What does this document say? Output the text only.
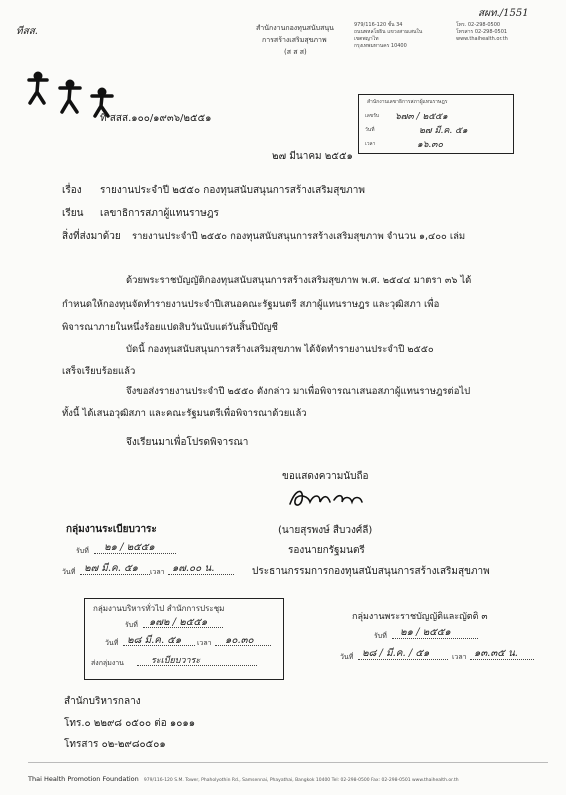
สผท./1551
ทีสส.	สำนักงานกองทุนสนับสนุน
การสร้างเสริมสุขภาพ
(ส ส ส)
979/116-120 ชั้น 34
ถนนพหลโยธิน แขวงสามเสนใน
เขตพญาไท
กรุงเทพมหานคร 10400
โทร. 02-298-0500
โทรสาร 02-298-0501
www.thaihealth.or.th
ที่ สสส.๑๐๐/๑๙๓๖/๒๕๕๑
๒๗ มีนาคม ๒๕๕๑
สำนักงานเลขาธิการสภาผู้แทนราษฎร
เลขรับ ๖๗๓ / ๒๕๕๑
วันที่	๒๗ มี.ค. ๕๑
เวลา	๑๖.๓๐
เรื่อง รายงานประจำปี ๒๕๕๐ กองทุนสนับสนุนการสร้างเสริมสุขภาพ
เรียน เลขาธิการสภาผู้แทนราษฎร
สิ่งที่ส่งมาด้วย รายงานประจำปี ๒๕๕๐ กองทุนสนับสนุนการสร้างเสริมสุขภาพ จำนวน ๑,๔๐๐ เล่ม
ด้วยพระราชบัญญัติกองทุนสนับสนุนการสร้างเสริมสุขภาพ พ.ศ. ๒๕๔๔ มาตรา ๓๖ ได้
กำหนดให้กองทุนจัดทำรายงานประจำปีเสนอคณะรัฐมนตรี สภาผู้แทนราษฎร และวุฒิสภา เพื่อ
พิจารณาภายในหนึ่งร้อยแปดสิบวันนับแต่วันสิ้นปีบัญชี
บัดนี้ กองทุนสนับสนุนการสร้างเสริมสุขภาพ ได้จัดทำรายงานประจำปี ๒๕๕๐
เสร็จเรียบร้อยแล้ว
จึงขอส่งรายงานประจำปี ๒๕๕๐ ดังกล่าว มาเพื่อพิจารณาเสนอสภาผู้แทนราษฎรต่อไป
ทั้งนี้ ได้เสนอวุฒิสภา และคณะรัฐมนตรีเพื่อพิจารณาด้วยแล้ว
จึงเรียนมาเพื่อโปรดพิจารณา
ขอแสดงความนับถือ
Ama cun
(นายสุรพงษ์ สืบวงศ์ลี)
รองนายกรัฐมนตรี
ประธานกรรมการกองทุนสนับสนุนการสร้างเสริมสุขภาพ
กลุ่มงานระเบียบวาระ
รับที่ ๒๑ / ๒๕๕๑
วันที่ ๒๗ มี.ค. ๕๑ เวลา ๑๗.๐๐ น.
กลุ่มงานบริหารทั่วไป สำนักการประชุม
รับที่ ๑๗๒ / ๒๕๕๑
วันที่ ๒๘ มี.ค. ๕๑ เวลา ๑๐.๓๐
ส่งกลุ่มงาน	ระเบียบวาระ
กลุ่มงานพระราชบัญญัติและญัตติ ๓
รับที่ ๒๑ / ๒๕๕๑
วันที่ ๒๘ / มี.ค. / ๕๑	เวลา ๑๓.๓๕ น.
สำนักบริหารกลาง
โทร.๐ ๒๒๙๘ ๐๕๐๐ ต่อ ๑๐๑๑
โทรสาร ๐๒-๒๙๘๐๕๐๑
Thai Health Promotion Foundation 979/116-120 S.M. Tower, Phaholyothin Rd., Samsennai, Phayathai, Bangkok 10400 Tel: 02-298-0500 Fax: 02-298-0501 www.thaihealth.or.th
